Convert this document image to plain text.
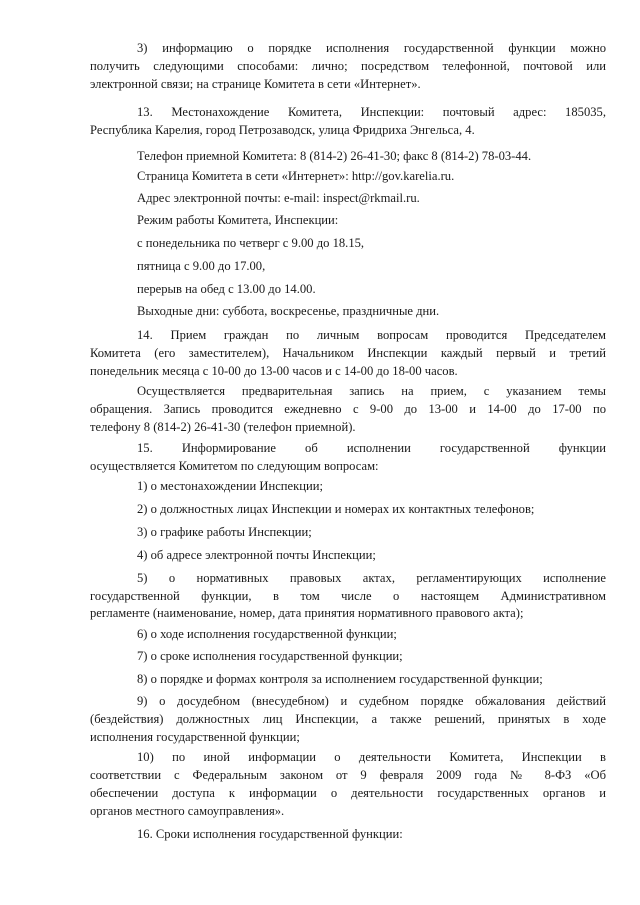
3) информацию о порядке исполнения государственной функции можно
получить следующими способами: лично; посредством телефонной, почтовой или
электронной связи; на странице Комитета в сети «Интернет».
13. Местонахождение Комитета, Инспекции: почтовый адрес: 185035,
Республика Карелия, город Петрозаводск, улица Фридриха Энгельса, 4.
Телефон приемной Комитета: 8 (814-2) 26-41-30; факс 8 (814-2) 78-03-44.
Страница Комитета в сети «Интернет»: http://gov.karelia.ru.
Адрес электронной почты: e-mail: inspect@rkmail.ru.
Режим работы Комитета, Инспекции:
с понедельника по четверг с 9.00 до 18.15,
пятница с 9.00 до 17.00,
перерыв на обед с 13.00 до 14.00.
Выходные дни: суббота, воскресенье, праздничные дни.
14. Прием граждан по личным вопросам проводится Председателем
Комитета (его заместителем), Начальником Инспекции каждый первый и третий
понедельник месяца с 10-00 до 13-00 часов и с 14-00 до 18-00 часов.
Осуществляется предварительная запись на прием, с указанием темы
обращения. Запись проводится ежедневно с 9-00 до 13-00 и 14-00 до 17-00 по
телефону 8 (814-2) 26-41-30 (телефон приемной).
15. Информирование об исполнении государственной функции
осуществляется Комитетом по следующим вопросам:
1) о местонахождении Инспекции;
2) о должностных лицах Инспекции и номерах их контактных телефонов;
3) о графике работы Инспекции;
4) об адресе электронной почты Инспекции;
5) о нормативных правовых актах, регламентирующих исполнение
государственной функции, в том числе о настоящем Административном
регламенте (наименование, номер, дата принятия нормативного правового акта);
6) о ходе исполнения государственной функции;
7) о сроке исполнения государственной функции;
8) о порядке и формах контроля за исполнением государственной функции;
9) о досудебном (внесудебном) и судебном порядке обжалования действий
(бездействия) должностных лиц Инспекции, а также решений, принятых в ходе
исполнения государственной функции;
10) по иной информации о деятельности Комитета, Инспекции в
соответствии с Федеральным законом от 9 февраля 2009 года № 8-ФЗ «Об
обеспечении доступа к информации о деятельности государственных органов и
органов местного самоуправления».
16. Сроки исполнения государственной функции:
